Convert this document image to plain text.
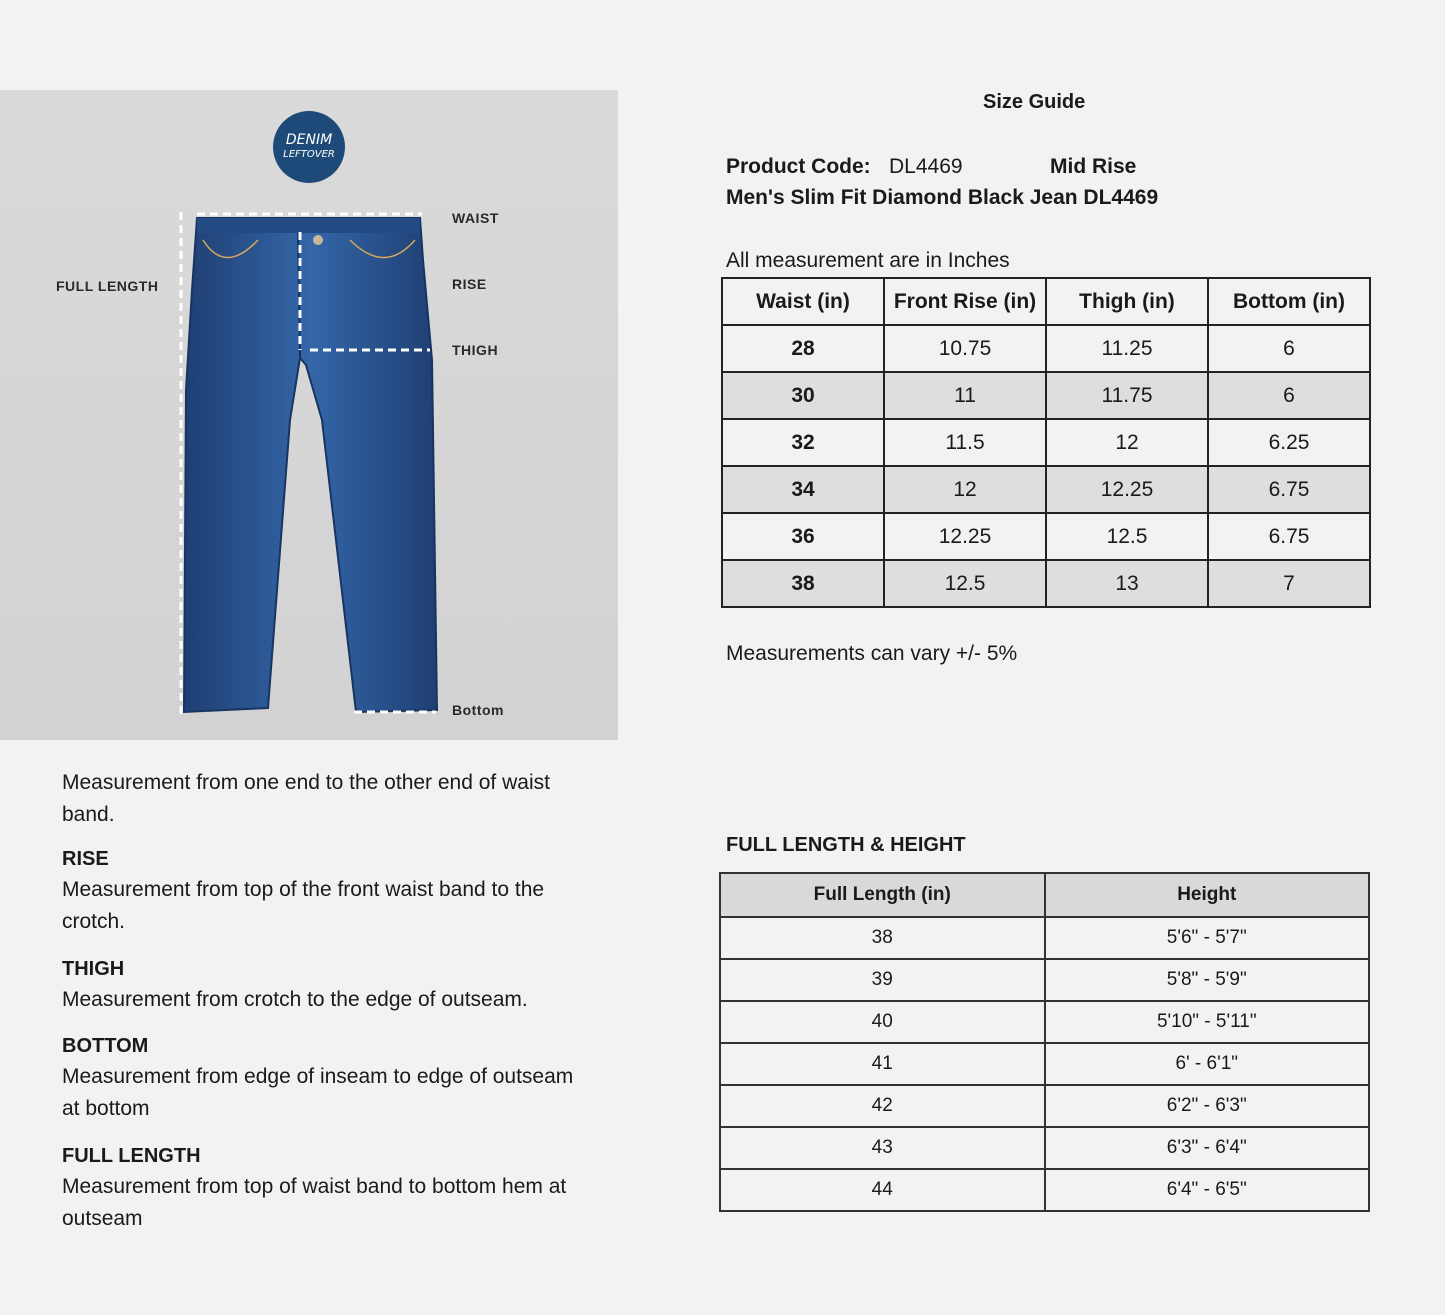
DENIM
LEFTOVER
WAIST
RISE
THIGH
FULL LENGTH
Bottom
Measurement from one end to the other end of waist band.
RISE
Measurement from top of the front waist band to the crotch.
THIGH
Measurement from crotch to the edge of outseam.
BOTTOM
Measurement from edge of inseam to edge of outseam at bottom
FULL LENGTH
Measurement from top of waist band to bottom hem at outseam
Size Guide
Product Code: DL4469	Mid Rise
Men's Slim Fit Diamond Black Jean DL4469
All measurement are in Inches
Waist (in)	Front Rise (in)	Thigh (in)	Bottom (in)
28	10.75	11.25	6
30	11	11.75	6
32	11.5	12	6.25
34	12	12.25	6.75
36	12.25	12.5	6.75
38	12.5	13	7
Measurements can vary +/- 5%
FULL LENGTH & HEIGHT
Full Length (in)	Height
38	5'6" - 5'7"
39	5'8" - 5'9"
40	5'10" - 5'11"
41	6' - 6'1"
42	6'2" - 6'3"
43	6'3" - 6'4"
44	6'4" - 6'5"
